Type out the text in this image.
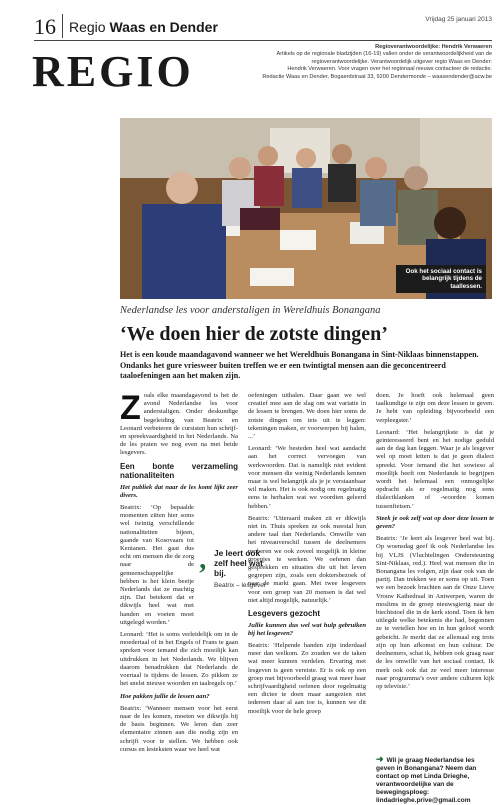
16 Regio Waas en Dender	Vrijdag 25 januari 2013
REGIO	Regioverantwoordelijke: Hendrik Verwaeren
Artikels op de regionale bladzijden (16-19) vallen onder de verantwoordelijkheid van de
regioverantwoordelijke. Verantwoordelijk uitgever regio Waas en Dender:
Hendrik Verwaeren. Voor vragen over het regionaal nieuws contacteer de redactie.
Redactie Waas en Dender, Bogaerdstraat 33, 9200 Dendermonde – waasendender@acw.be
Ook het sociaal contact is belangrijk tijdens de taallessen.
Nederlandse les voor anderstaligen in Wereldhuis Bonangana
‘We doen hier de zotste dingen’
Het is een koude maandagavond wanneer we het Wereldhuis Bonangana in Sint-Niklaas binnenstappen. Ondanks het gure vriesweer buiten treffen we er een twintigtal mensen aan die geconcentreerd taaloefeningen aan het maken zijn.

Zoals elke maandagavond is het de avond Nederlandse les voor anderstaligen. Onder deskundige begeleiding van Beatrix en Leonard verbeteren de cursisten hun schrijf- en spreekvaardigheid in het Nederlands. Na de les praten we nog even na met beide lesgevers.

Een bonte verzameling nationaliteiten

Het publiek dat naar de les komt lijkt zeer divers.

Beatrix: ‘Op bepaalde momenten zitten hier soms wel twintig verschillende nationaliteiten bijeen, gaande van Kosovaars tot Kenianen. Het gaat dus echt om mensen die de zorg naar de gemeenschappelijke hebben is het klein beetje Nederlands dat ze machtig zijn. Dat betekent dat er dikwijls heel wat met handen en voeten moet uitgelegd worden.’

Leonard: ‘Het is soms verleidelijk om in de moedertaal of in het Engels of Frans te gaan spreken voor iemand die zich moeilijk kan uitdrukken in het Nederlands. We blijven daarom benadrukken dat Nederlands de voertaal is tijdens de lessen. Zo pikken ze het snelst nieuwe woorden en taalregels op.’

Hoe pakken jullie de lessen aan?

Beatrix: ‘Wanneer mensen voor het eerst naar de les komen, moeten we dikwijls bij de basis beginnen. We leren dan zeer elementaire zinnen aan die nodig zijn en schrijfi voor te stellen. We hebben ook cursus en lesteksten waar we heel wat

‚ Je leert ook zelf heel wat bij.
Beatrix – lesgever

oefeningen uithalen. Daar gaan we wel creatief mee aan de slag om wat variatie in de lessen te brengen. We doen hier soms de zotste dingen om iets uit te leggen: tekeningen maken, er voorwerpen bij halen, ...’

Leonard: ‘We besteden heel wat aandacht aan het correct vervoegen van werkwoorden. Dat is namelijk niet evident voor mensen die weinig Nederlands kennen maar is wel belangrijk als je je verstaanbaar wil maken. Het is ook nodig om regelmatig eens te herhalen wat we voordien geleerd hebben.’

Beatrix: ‘Uiteraard maken zit er dikwijls niet in. Thuis spreken ze ook meestal hun andere taal dan Nederlands. Omwille van het niveauverschil tussen de deelnemers proberen we ook zoveel mogelijk in kleine groepjes te werken. We oefenen dan gesprekken en situaties die uit het leven gegrepen zijn, zoals een doktersbezoek of naar de markt gaan. Met twee lesgevers voor een groep van 20 mensen is dat wel niet altijd mogelijk, natuurlijk.’

Lesgevers gezocht

Jullie kunnen dus wel wat hulp gebruiken bij het lesgeven?

Beatrix: ‘Helpende handen zijn inderdaad meer dan welkom. Zo zouden we de taken wat meer kunnen verdelen. Ervaring met lesgeven is geen vereiste. Er is ook op een groep met bijvoorbeeld graag wat meer haar schrijfvaardigheid oefenen door regelmatig een dictee te doen maar aangezien niet iedereen daar al aan toe is, kunnen we dit moeilijk voor de hele groep

doen. Je hoeft ook helemaal geen taalkundige te zijn om deze lessen te geven. Je hebt van opleiding bijvoorbeeld een verpleegster.’

Leonard: ‘Het belangrijkste is dat je geinteresseerd bent en het nodige geduld aan de dag kan leggen. Waar je als lesgever wel op moet letten is dat je geen dialect spreekt. Voor iemand die het sowieso al moeilijk heeft om Nederlands te begrijpen wordt het helemaal een onmogelijke opdracht als er regelmatig nog eens dialectklanken of -woorden komen tussenfietsen.’

Steek je ook zelf wat op door deze lessen te geven?

Beatrix: ‘Je leert als lesgever heel wat bij. Op woensdag geef ik ook Nederlandse les bij VLJS (Vluchtelingen Ondersteuning Sint-Niklaas, red.). Heel wat mensen die in Bonangana les volgen, zijn daar ook van de partij. Dan trekken we er soms op uit. Toen we een bezoek brachten aan de Onze Lieve Vrouw Kathedraal in Antwerpen, waren de moslims in de groep nieuwsgierig naar de biechtstoel die in de kerk stond. Toen ik hen uitlegde welke betekenis die had, begonnen ze te vertellen hoe en in hun geloof wordt gebeicht. Je merkt dat ze allemaal erg trots zijn op hun afkomst en hun cultuur. De deelnemers, schat ik, hebben ook graag naar de les omwille van het sociaal contact. Ik merk ook ook dat ze veel meer interesse naar programma’s over andere culturen kijk op televisie.’

➜ Wil je graag Nederlandse les geven in Bonangana? Neem dan contact op met Linda Drieghe, verantwoordelijke van de bewegingsploeg: lindadrieghe.prive@gmail.com
